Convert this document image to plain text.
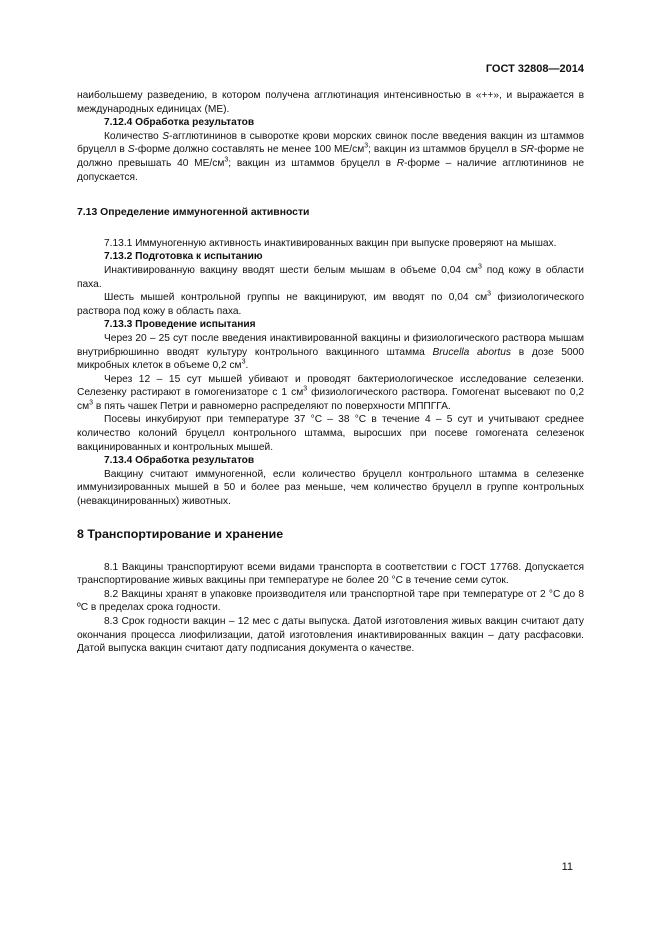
ГОСТ 32808—2014
наибольшему разведению, в котором получена агглютинация интенсивностью в «++», и выражается в международных единицах (МЕ).
7.12.4 Обработка результатов
Количество S-агглютининов в сыворотке крови морских свинок после введения вакцин из штаммов бруцелл в S-форме должно составлять не менее 100 $МЕ/см^3$; вакцин из штаммов бруцелл в SR-форме не должно превышать 40 $МЕ/см^3$; вакцин из штаммов бруцелл в R-форме – наличие агглютининов не допускается.
7.13 Определение иммуногенной активности
7.13.1 Иммуногенную активность инактивированных вакцин при выпуске проверяют на мышах.
7.13.2 Подготовка к испытанию
Инактивированную вакцину вводят шести белым мышам в объеме 0,04 $см^3$ под кожу в области паха.
Шесть мышей контрольной группы не вакцинируют, им вводят по 0,04 $см^3$ физиологического раствора под кожу в область паха.
7.13.3 Проведение испытания
Через 20 – 25 сут после введения инактивированной вакцины и физиологического раствора мышам внутрибрюшинно вводят культуру контрольного вакцинного штамма Brucella abortus в дозе 5000 микробных клеток в объеме 0,2 $см^3$.
Через 12 – 15 сут мышей убивают и проводят бактериологическое исследование селезенки. Селезенку растирают в гомогенизаторе с 1 $см^3$ физиологического раствора. Гомогенат высевают по 0,2 $см^3$ в пять чашек Петри и равномерно распределяют по поверхности МППГГА.
Посевы инкубируют при температуре 37 °С – 38 °С в течение 4 – 5 сут и учитывают среднее количество колоний бруцелл контрольного штамма, выросших при посеве гомогената селезенок вакцинированных и контрольных мышей.
7.13.4 Обработка результатов
Вакцину считают иммуногенной, если количество бруцелл контрольного штамма в селезенке иммунизированных мышей в 50 и более раз меньше, чем количество бруцелл в группе контрольных (невакцинированных) животных.
8 Транспортирование и хранение
8.1 Вакцины транспортируют всеми видами транспорта в соответствии с ГОСТ 17768. Допускается транспортирование живых вакцины при температуре не более 20 °С в течение семи суток.
8.2 Вакцины хранят в упаковке производителя или транспортной таре при температуре от 2 °С до 8 ºС в пределах срока годности.
8.3 Срок годности вакцин – 12 мес с даты выпуска. Датой изготовления живых вакцин считают дату окончания процесса лиофилизации, датой изготовления инактивированных вакцин – дату расфасовки. Датой выпуска вакцин считают дату подписания документа о качестве.
11
